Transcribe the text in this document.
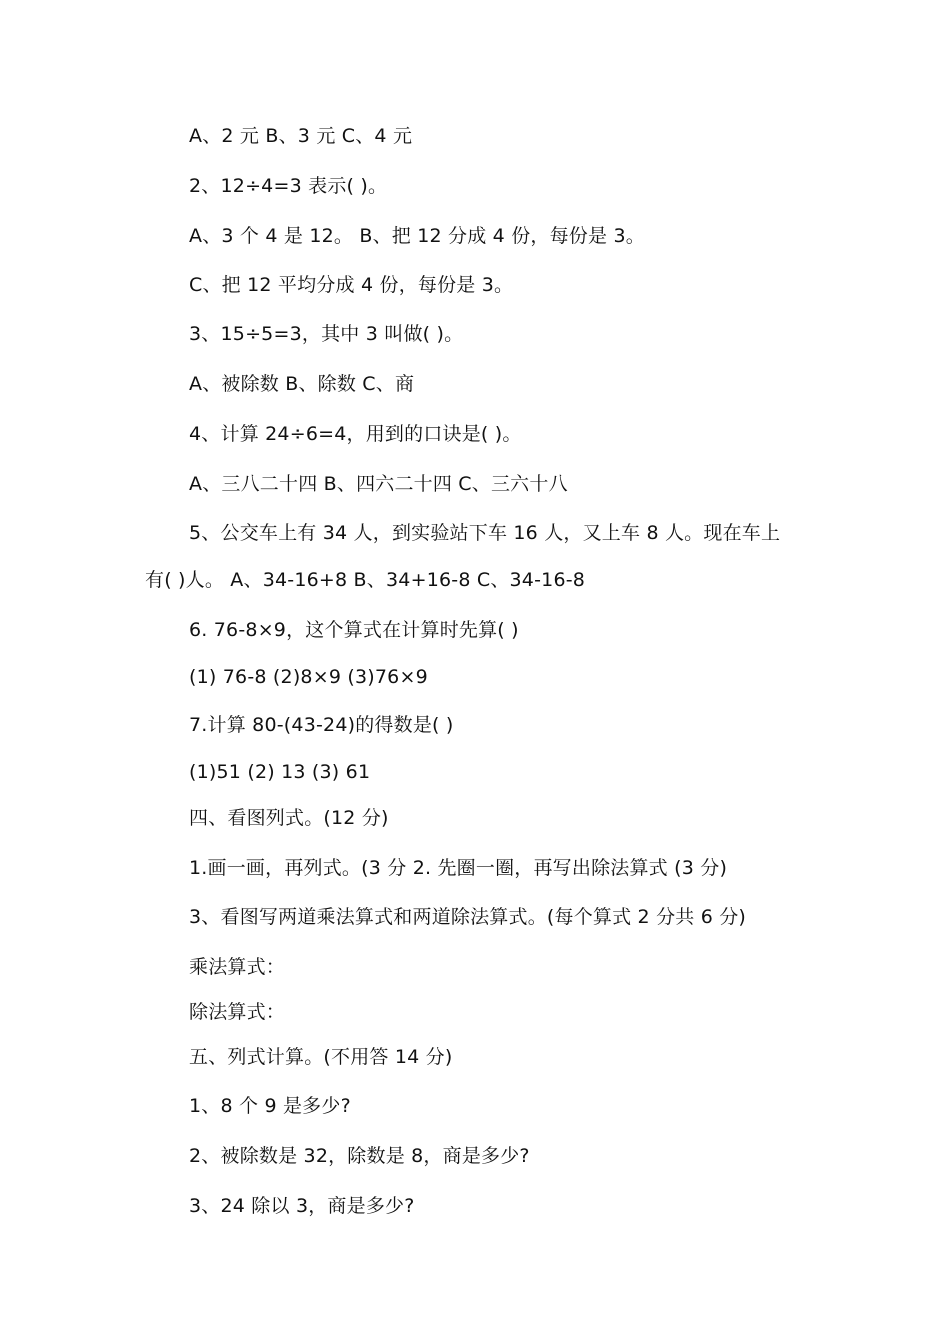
A、2 元 B、3 元 C、4 元
2、12÷4=3 表示( )。
A、3 个 4 是 12。 B、把 12 分成 4 份，每份是 3。
C、把 12 平均分成 4 份，每份是 3。
3、15÷5=3，其中 3 叫做( )。
A、被除数 B、除数 C、商
4、计算 24÷6=4，用到的口诀是( )。
A、三八二十四 B、四六二十四 C、三六十八
5、公交车上有 34 人，到实验站下车 16 人，又上车 8 人。现在车上
有( )人。 A、34-16+8 B、34+16-8 C、34-16-8
6. 76-8×9，这个算式在计算时先算( )
(1) 76-8 (2)8×9 (3)76×9
7.计算 80-(43-24)的得数是( )
(1)51 (2) 13 (3) 61
四、看图列式。(12 分)
1.画一画，再列式。(3 分 2. 先圈一圈，再写出除法算式 (3 分)
3、看图写两道乘法算式和两道除法算式。(每个算式 2 分共 6 分)
乘法算式：
除法算式：
五、列式计算。(不用答 14 分)
1、8 个 9 是多少?
2、被除数是 32，除数是 8，商是多少?
3、24 除以 3，商是多少?
